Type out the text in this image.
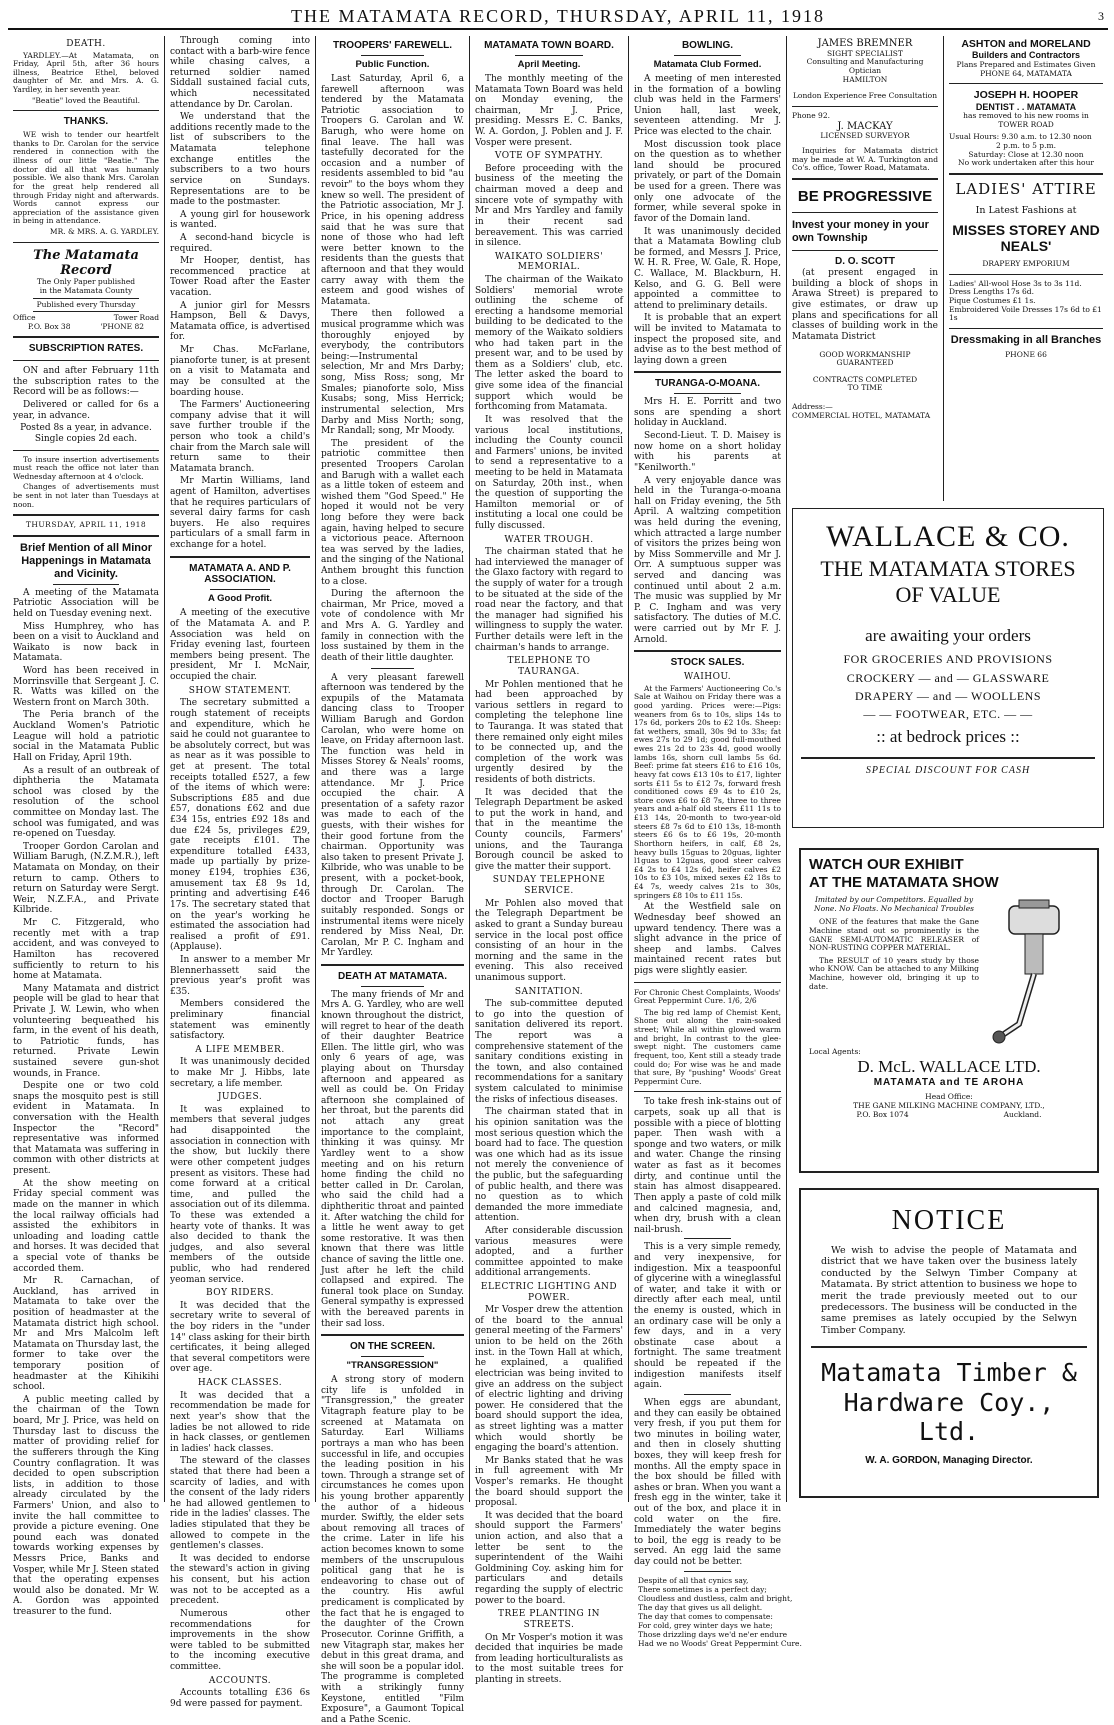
THE MATAMATA RECORD, THURSDAY, APRIL 11, 1918	3
DEATH.

YARDLEY.—At Matamata, on Friday, April 5th, after 36 hours illness, Beatrice Ethel, beloved daughter of Mr. and Mrs. A. G. Yardley, in her seventh year.

"Beatie" loved the Beautiful.
THANKS.

WE wish to tender our heartfelt thanks to Dr. Carolan for the service rendered in connection with the illness of our little "Beatie." The doctor did all that was humanly possible. We also thank Mrs. Carolan for the great help rendered all through Friday night and afterwards. Words cannot express our appreciation of the assistance given in being in attendance.

MR. & MRS. A. G. YARDLEY.
The Matamata Record
The Only Paper published
in the Matamata County
Published every Thursday
Office	Tower Road
P.O. Box 38	'PHONE 82
SUBSCRIPTION RATES.

ON and after February 11th the subscription rates to the Record will be as follows:—

Delivered or called for 6s a year, in advance.

Posted 8s a year, in advance.
Single copies 2d each.

To insure insertion advertisements must reach the office not later than Wednesday afternoon at 4 o'clock.

Changes of advertisements must be sent in not later than Tuesdays at noon.

THURSDAY, APRIL 11, 1918
Brief Mention of all Minor Happenings in Matamata and Vicinity.

A meeting of the Matamata Patriotic Association will be held on Tuesday evening next.

Miss Humphrey, who has been on a visit to Auckland and Waikato is now back in Matamata.

Word has been received in Morrinsville that Sergeant J. C. R. Watts was killed on the Western front on March 30th.

The Peria branch of the Auckland Women's Patriotic League will hold a patriotic social in the Matamata Public Hall on Friday, April 19th.

As a result of an outbreak of diphtheria the Matamata school was closed by the resolution of the school committee on Monday last. The school was fumigated, and was re-opened on Tuesday.

Trooper Gordon Carolan and William Barugh, (N.Z.M.R.), left Matamata on Monday, on their return to camp. Others to return on Saturday were Sergt. Weir, N.Z.F.A., and Private Kilbride.

Mr C. Fitzgerald, who recently met with a trap accident, and was conveyed to Hamilton has recovered sufficiently to return to his home at Matamata.

Many Matamata and district people will be glad to hear that Private J. W. Lewin, who when volunteering bequeathed his farm, in the event of his death, to Patriotic funds, has returned. Private Lewin sustained severe gun-shot wounds, in France.

Despite one or two cold snaps the mosquito pest is still evident in Matamata. In conversation with the Health Inspector the "Record" representative was informed that Matamata was suffering in common with other districts at present.

At the show meeting on Friday special comment was made on the manner in which the local railway officials had assisted the exhibitors in unloading and loading cattle and horses. It was decided that a special vote of thanks be accorded them.

Mr R. Carnachan, of Auckland, has arrived in Matamata to take over the position of headmaster at the Matamata district high school. Mr and Mrs Malcolm left Matamata on Thursday last, the former to take over the temporary position of headmaster at the Kihikihi school.

A public meeting called by the chairman of the Town board, Mr J. Price, was held on Thursday last to discuss the matter of providing relief for the sufferers through the King Country conflagration. It was decided to open subscription lists, in addition to those already circulated by the Farmers' Union, and also to invite the hall committee to provide a picture evening. One pound each was donated towards working expenses by Messrs Price, Banks and Vosper, while Mr J. Steen stated that the operating expenses would also be donated. Mr W. A. Gordon was appointed treasurer to the fund.

Through coming into contact with a barb-wire fence while chasing calves, a returned soldier named Siddall sustained facial cuts, which necessitated attendance by Dr. Carolan.

We understand that the additions recently made to the list of subscribers to the Matamata telephone exchange entitles the subscribers to a two hours service on Sundays. Representations are to be made to the postmaster.

A young girl for housework is wanted.

A second-hand bicycle is required.

Mr Hooper, dentist, has recommenced practice at Tower Road after the Easter vacation.

A junior girl for Messrs Hampson, Bell & Davys, Matamata office, is advertised for.

Mr Chas. McFarlane, pianoforte tuner, is at present on a visit to Matamata and may be consulted at the boarding house.

The Farmers' Auctioneering company advise that it will save further trouble if the person who took a child's chair from the March sale will return same to their Matamata branch.

Mr Martin Williams, land agent of Hamilton, advertises that he requires particulars of several dairy farms for cash buyers. He also requires particulars of a small farm in exchange for a hotel.

MATAMATA A. AND P. ASSOCIATION.
A Good Profit.

A meeting of the executive of the Matamata A. and P. Association was held on Friday evening last, fourteen members being present. The president, Mr I. McNair, occupied the chair.

SHOW STATEMENT.

The secretary submitted a rough statement of receipts and expenditure, which he said he could not guarantee to be absolutely correct, but was as near as it was possible to get at present. The total receipts totalled £527, a few of the items of which were: Subscriptions £85 and due £57, donations £62 and due £34 15s, entries £92 18s and due £24 5s, privileges £29, gate receipts £101. The expenditure totalled £433, made up partially by prize-money £194, trophies £36, amusement tax £8 9s 1d, printing and advertising £46 17s. The secretary stated that on the year's working he estimated the association had realised a profit of £91. (Applause).

In answer to a member Mr Blennerhassett said the previous year's profit was £35.

Members considered the preliminary financial statement was eminently satisfactory.

A LIFE MEMBER.

It was unanimously decided to make Mr J. Hibbs, late secretary, a life member.

JUDGES.

It was explained to members that several judges had disappointed the association in connection with the show, but luckily there were other competent judges present as visitors. These had come forward at a critical time, and pulled the association out of its dilemma. To these was extended a hearty vote of thanks. It was also decided to thank the judges, and also several members of the outside public, who had rendered yeoman service.

BOY RIDERS.

It was decided that the secretary write to several of the boy riders in the "under 14" class asking for their birth certificates, it being alleged that several competitors were over age.

HACK CLASSES.

It was decided that a recommendation be made for next year's show that the ladies be not allowed to ride in hack classes, or gentlemen in ladies' hack classes.

The steward of the classes stated that there had been a scarcity of ladies, and with the consent of the lady riders he had allowed gentlemen to ride in the ladies' classes. The ladies stipulated that they be allowed to compete in the gentlemen's classes.

It was decided to endorse the steward's action in giving his consent, but his action was not to be accepted as a precedent.

Numerous other recommendations for improvements in the show were tabled to be submitted to the incoming executive committee.

ACCOUNTS.

Accounts totalling £36 6s 9d were passed for payment.

TROOPERS' FAREWELL.
Public Function.

Last Saturday, April 6, a farewell afternoon was tendered by the Matamata Patriotic association to Troopers G. Carolan and W. Barugh, who were home on final leave. The hall was tastefully decorated for the occasion and a number of residents assembled to bid "au revoir" to the boys whom they knew so well. The president of the Patriotic association, Mr J. Price, in his opening address said that he was sure that none of those who had left were better known to the residents than the guests that afternoon and that they would carry away with them the esteem and good wishes of Matamata.

There then followed a musical programme which was thoroughly enjoyed by everybody, the contributors being:—Instrumental selection, Mr and Mrs Darby; song, Miss Ross; song, Mr Smales; pianoforte solo, Miss Kusabs; song, Miss Herrick; instrumental selection, Mrs Darby and Miss North; song, Mr Randall; song, Mr Moody.

The president of the patriotic committee then presented Troopers Carolan and Barugh with a wallet each as a little token of esteem and wished them "God Speed." He hoped it would not be very long before they were back again, having helped to secure a victorious peace. Afternoon tea was served by the ladies, and the singing of the National Anthem brought this function to a close.

During the afternoon the chairman, Mr Price, moved a vote of condolence with Mr and Mrs A. G. Yardley and family in connection with the loss sustained by them in the death of their little daughter.

A very pleasant farewell afternoon was tendered by the expupils of the Matamata dancing class to Trooper William Barugh and Gordon Carolan, who were home on leave, on Friday afternoon last. The function was held in Misses Storey & Neals' rooms, and there was a large attendance. Mr J. Price occupied the chair. A presentation of a safety razor was made to each of the guests, with their wishes for their good fortune from the chairman. Opportunity was also taken to present Private J. Kilbride, who was unable to be present, with a pocket-book, through Dr. Carolan. The doctor and Trooper Barugh suitably responded. Songs or instrumental items were nicely rendered by Miss Neal, Dr. Carolan, Mr P. C. Ingham and Mr Yardley.

DEATH AT MATAMATA.

The many friends of Mr and Mrs A. G. Yardley, who are well known throughout the district, will regret to hear of the death of their daughter Beatrice Ellen. The little girl, who was only 6 years of age, was playing about on Thursday afternoon and appeared as well as could be. On Friday afternoon she complained of her throat, but the parents did not attach any great importance to the complaint, thinking it was quinsy. Mr Yardley went to a show meeting and on his return home finding the child no better called in Dr. Carolan, who said the child had a diphtheritic throat and painted it. After watching the child for a little he went away to get some restorative. It was then known that there was little chance of saving the little one. Just after he left the child collapsed and expired. The funeral took place on Sunday. General sympathy is expressed with the bereaved parents in their sad loss.

ON THE SCREEN.
"TRANSGRESSION"

A strong story of modern city life is unfolded in "Transgression," the greater Vitagraph feature play to be screened at Matamata on Saturday. Earl Williams portrays a man who has been successful in life, and occupies the leading position in his town. Through a strange set of circumstances he comes upon his young brother apparently the author of a hideous murder. Swiftly, the elder sets about removing all traces of the crime. Later in life his action becomes known to some members of the unscrupulous political gang that he is endeavoring to chase out of the country. His awful predicament is complicated by the fact that he is engaged to the daughter of the Crown Prosecutor. Corinne Griffith, a new Vitagraph star, makes her debut in this great drama, and she will soon be a popular idol. The programme is completed with a strikingly funny Keystone, entitled "Film Exposure", a Gaumont Topical and a Pathe Scenic.

MATAMATA TOWN BOARD.
April Meeting.

The monthly meeting of the Matamata Town Board was held on Monday evening, the chairman, Mr J. Price, presiding. Messrs E. C. Banks, W. A. Gordon, J. Poblen and J. F. Vosper were present.

VOTE OF SYMPATHY.

Before proceeding with the business of the meeting the chairman moved a deep and sincere vote of sympathy with Mr and Mrs Yardley and family in their recent sad bereavement. This was carried in silence.

WAIKATO SOLDIERS' MEMORIAL.

The chairman of the Waikato Soldiers' memorial wrote outlining the scheme of erecting a handsome memorial building to be dedicated to the memory of the Waikato soldiers who had taken part in the present war, and to be used by them as a Soldiers' club, etc. The letter asked the board to give some idea of the financial support which would be forthcoming from Matamata.

It was resolved that the various local institutions, including the County council and Farmers' unions, be invited to send a representative to a meeting to be held in Matamata on Saturday, 20th inst., when the question of supporting the Hamilton memorial or of instituting a local one could be fully discussed.

WATER TROUGH.

The chairman stated that he had interviewed the manager of the Glaxo factory with regard to the supply of water for a trough to be situated at the side of the road near the factory, and that the manager had signified his willingness to supply the water. Further details were left in the chairman's hands to arrange.

TELEPHONE TO TAURANGA.

Mr Pohlen mentioned that he had been approached by various settlers in regard to completing the telephone line to Tauranga. It was stated that there remained only eight miles to be connected up, and the completion of the work was urgently desired by the residents of both districts.

It was decided that the Telegraph Department be asked to put the work in hand, and that in the meantime the County councils, Farmers' unions, and the Tauranga Borough council be asked to give the matter their support.

SUNDAY TELEPHONE SERVICE.

Mr Pohlen also moved that the Telegraph Department be asked to grant a Sunday bureau service in the local post office consisting of an hour in the morning and the same in the evening. This also received unanimous support.

SANITATION.

The sub-committee deputed to go into the question of sanitation delivered its report. The report was a comprehensive statement of the sanitary conditions existing in the town, and also contained recommendations for a sanitary system calculated to minimise the risks of infectious diseases.

The chairman stated that in his opinion sanitation was the most serious question which the board had to face. The question was one which had as its issue not merely the convenience of the public, but the safeguarding of public health, and there was no question as to which demanded the more immediate attention.

After considerable discussion various measures were adopted, and a further committee appointed to make additional arrangements.

ELECTRIC LIGHTING AND POWER.

Mr Vosper drew the attention of the board to the annual general meeting of the Farmers' union to be held on the 26th inst. in the Town Hall at which, he explained, a qualified electrician was being invited to give an address on the subject of electric lighting and driving power. He considered that the board should support the idea, as street lighting was a matter which would shortly be engaging the board's attention.

Mr Banks stated that he was in full agreement with Mr Vosper's remarks. He thought the board should support the proposal.

It was decided that the board should support the Farmers' union action, and also that a letter be sent to the superintendent of the Waihi Goldmining Coy. asking him for particulars and details regarding the supply of electric power to the board.

TREE PLANTING IN STREETS.

On Mr Vosper's motion it was decided that inquiries be made from leading horticulturalists as to the most suitable trees for planting in streets.

BOWLING.
Matamata Club Formed.

A meeting of men interested in the formation of a bowling club was held in the Farmers' Union hall, last week, seventeen attending. Mr J. Price was elected to the chair.

Most discussion took place on the question as to whether land should be procured privately, or part of the Domain be used for a green. There was only one advocate of the former, while several spoke in favor of the Domain land.

It was unanimously decided that a Matamata Bowling club be formed, and Messrs J. Price, W. H. R. Free, W. Gale, R. Hope, C. Wallace, M. Blackburn, H. Kelso, and G. G. Bell were appointed a committee to attend to preliminary details.

It is probable that an expert will be invited to Matamata to inspect the proposed site, and advise as to the best method of laying down a green

TURANGA-O-MOANA.

Mrs H. E. Porritt and two sons are spending a short holiday in Auckland.

Second-Lieut. T. D. Maisey is now home on a short holiday with his parents at "Kenilworth."

A very enjoyable dance was held in the Turanga-o-moana hall on Friday evening, the 5th April. A waltzing competition was held during the evening, which attracted a large number of visitors the prizes being won by Miss Sommerville and Mr J. Orr. A sumptuous supper was served and dancing was continued until about 2 a.m. The music was supplied by Mr P. C. Ingham and was very satisfactory. The duties of M.C. were carried out by Mr F. J. Arnold.

STOCK SALES.
WAIHOU.

At the Farmers' Auctioneering Co.'s Sale at Waihou on Friday there was a good yarding. Prices were:—Pigs: weaners from 6s to 10s, slips 14s to 17s 6d, porkers 20s to £2 10s. Sheep: fat wethers, small, 30s 9d to 33s; fat ewes 27s to 29 1d; good full-mouthed ewes 21s 2d to 23s 4d, good woolly lambs 16s, shorn cull lambs 5s 6d. Beef: prime fat steers £16 to £16 10s, heavy fat cows £13 10s to £17, lighter sorts £11 5s to £12 7s, forward fresh conditioned cows £9 4s to £10 2s, store cows £6 to £8 7s, three to three years and a-half old steers £11 11s to £13 14s, 20-month to two-year-old steers £8 7s 6d to £10 13s, 18-month steers £6 6s to £6 19s, 20-month Shorthorn heifers, in calf, £8 2s, heavy bulls 15guas to 20guas, lighter l1guas to 12guas, good steer calves £4 2s to £4 12s 6d, heifer calves £2 10s to £3 10s, mixed sexes £2 18s to £4 7s, weedy calves 21s to 30s, springers £8 10s to £11 15s.

At the Westfield sale on Wednesday beef showed an upward tendency. There was a slight advance in the price of sheep and lambs. Calves maintained recent rates but pigs were slightly easier.

For Chronic Chest Complaints, Woods' Great Peppermint Cure. 1/6, 2/6

The big red lamp of Chemist Kent, Shone out along the rain-soaked street; While all within glowed warm and bright, In contrast to the glee-swept night. The customers came frequent, too, Kent still a steady trade could do; For wise was he and made that sure, By "pushing" Woods' Great Peppermint Cure.

To take fresh ink-stains out of carpets, soak up all that is possible with a piece of blotting paper. Then wash with a sponge and two waters, or milk and water. Change the rinsing water as fast as it becomes dirty, and continue until the stain has almost disappeared. Then apply a paste of cold milk and calcined magnesia, and, when dry, brush with a clean nail-brush.

This is a very simple remedy, and very inexpensive, for indigestion. Mix a teaspoonful of glycerine with a wineglassful of water, and take it with or directly after each meal, until the enemy is ousted, which in an ordinary case will be only a few days, and in a very obstinate case about a fortnight. The same treatment should be repeated if the indigestion manifests itself again.

When eggs are abundant, and they can easily be obtained very fresh, if you put them for two minutes in boiling water, and then in closely shutting boxes, they will keep fresh for months. All the empty space in the box should be filled with ashes or bran. When you want a fresh egg in the winter, take it out of the box, and place it in cold water on the fire. Immediately the water begins to boil, the egg is ready to be served. An egg laid the same day could not be better.

Despite of all that cynics say,
There sometimes is a perfect day;
Cloudless and dustless, calm and bright,
The day that gives us all delight.
The day that comes to compensate:
For cold, grey winter days we hate;
Those drizzling days we'd ne'er endure
Had we no Woods' Great Peppermint Cure.
JAMES BREMNER
SIGHT SPECIALIST
Consulting and Manufacturing Optician
HAMILTON
London Experience Free Consultation
Phone 92.
J. MACKAY
LICENSED SURVEYOR

Inquiries for Matamata district may be made at W. A. Turkington and Co's. office, Tower Road, Matamata.

BE PROGRESSIVE
Invest your money in your own Township
D. O. SCOTT

(at present engaged in building a block of shops in Arawa Street) is prepared to give estimates, or draw up plans and specifications for all classes of building work in the Matamata District

GOOD WORKMANSHIP
GUARANTEED
CONTRACTS COMPLETED
TO TIME
Address:—
COMMERCIAL HOTEL, MATAMATA
ASHTON and MORELAND
Builders and Contractors
Plans Prepared and Estimates Given
PHONE 64, MATAMATA
JOSEPH H. HOOPER
DENTIST . . MATAMATA
has removed to his new rooms in
TOWER ROAD
Usual Hours: 9.30 a.m. to 12.30 noon
2 p.m. to 5 p.m.
Saturday: Close at 12.30 noon
No work undertaken after this hour
LADIES' ATTIRE
In Latest Fashions at
MISSES STOREY AND NEALS'
DRAPERY EMPORIUM
Ladies' All-wool Hose 3s to 3s 11d.
Dress Lengths 17s 6d.
Pique Costumes £1 1s.
Embroidered Voile Dresses 17s 6d to £1 1s
Dressmaking in all Branches
PHONE 66
WALLACE & CO.
THE MATAMATA STORES
OF VALUE
are awaiting your orders
FOR GROCERIES AND PROVISIONS
CROCKERY — and — GLASSWARE
DRAPERY — and — WOOLLENS
— — FOOTWEAR, ETC. — —
:: at bedrock prices ::
SPECIAL DISCOUNT FOR CASH
WATCH OUR EXHIBIT
AT THE MATAMATA SHOW
Imitated by our Competitors. Equalled by None. No Floats. No Mechanical Troubles

ONE of the features that make the Gane Machine stand out so prominently is the GANE SEMI-AUTOMATIC RELEASER of NON-RUSTING COPPER MATERIAL.

The RESULT of 10 years study by those who KNOW. Can be attached to any Milking Machine, however old, bringing it up to date.

Local Agents:
D. McL. WALLACE LTD.
MATAMATA and TE AROHA
Head Office:
THE GANE MILKING MACHINE COMPANY, LTD.,
P.O. Box 1074	Auckland.
NOTICE

We wish to advise the people of Matamata and district that we have taken over the business lately conducted by the Selwyn Timber Company at Matamata. By strict attention to business we hope to merit the trade previously meeted out to our predecessors. The business will be conducted in the same premises as lately occupied by the Selwyn Timber Company.

Matamata Timber &
Hardware Coy., Ltd.
W. A. GORDON, Managing Director.
